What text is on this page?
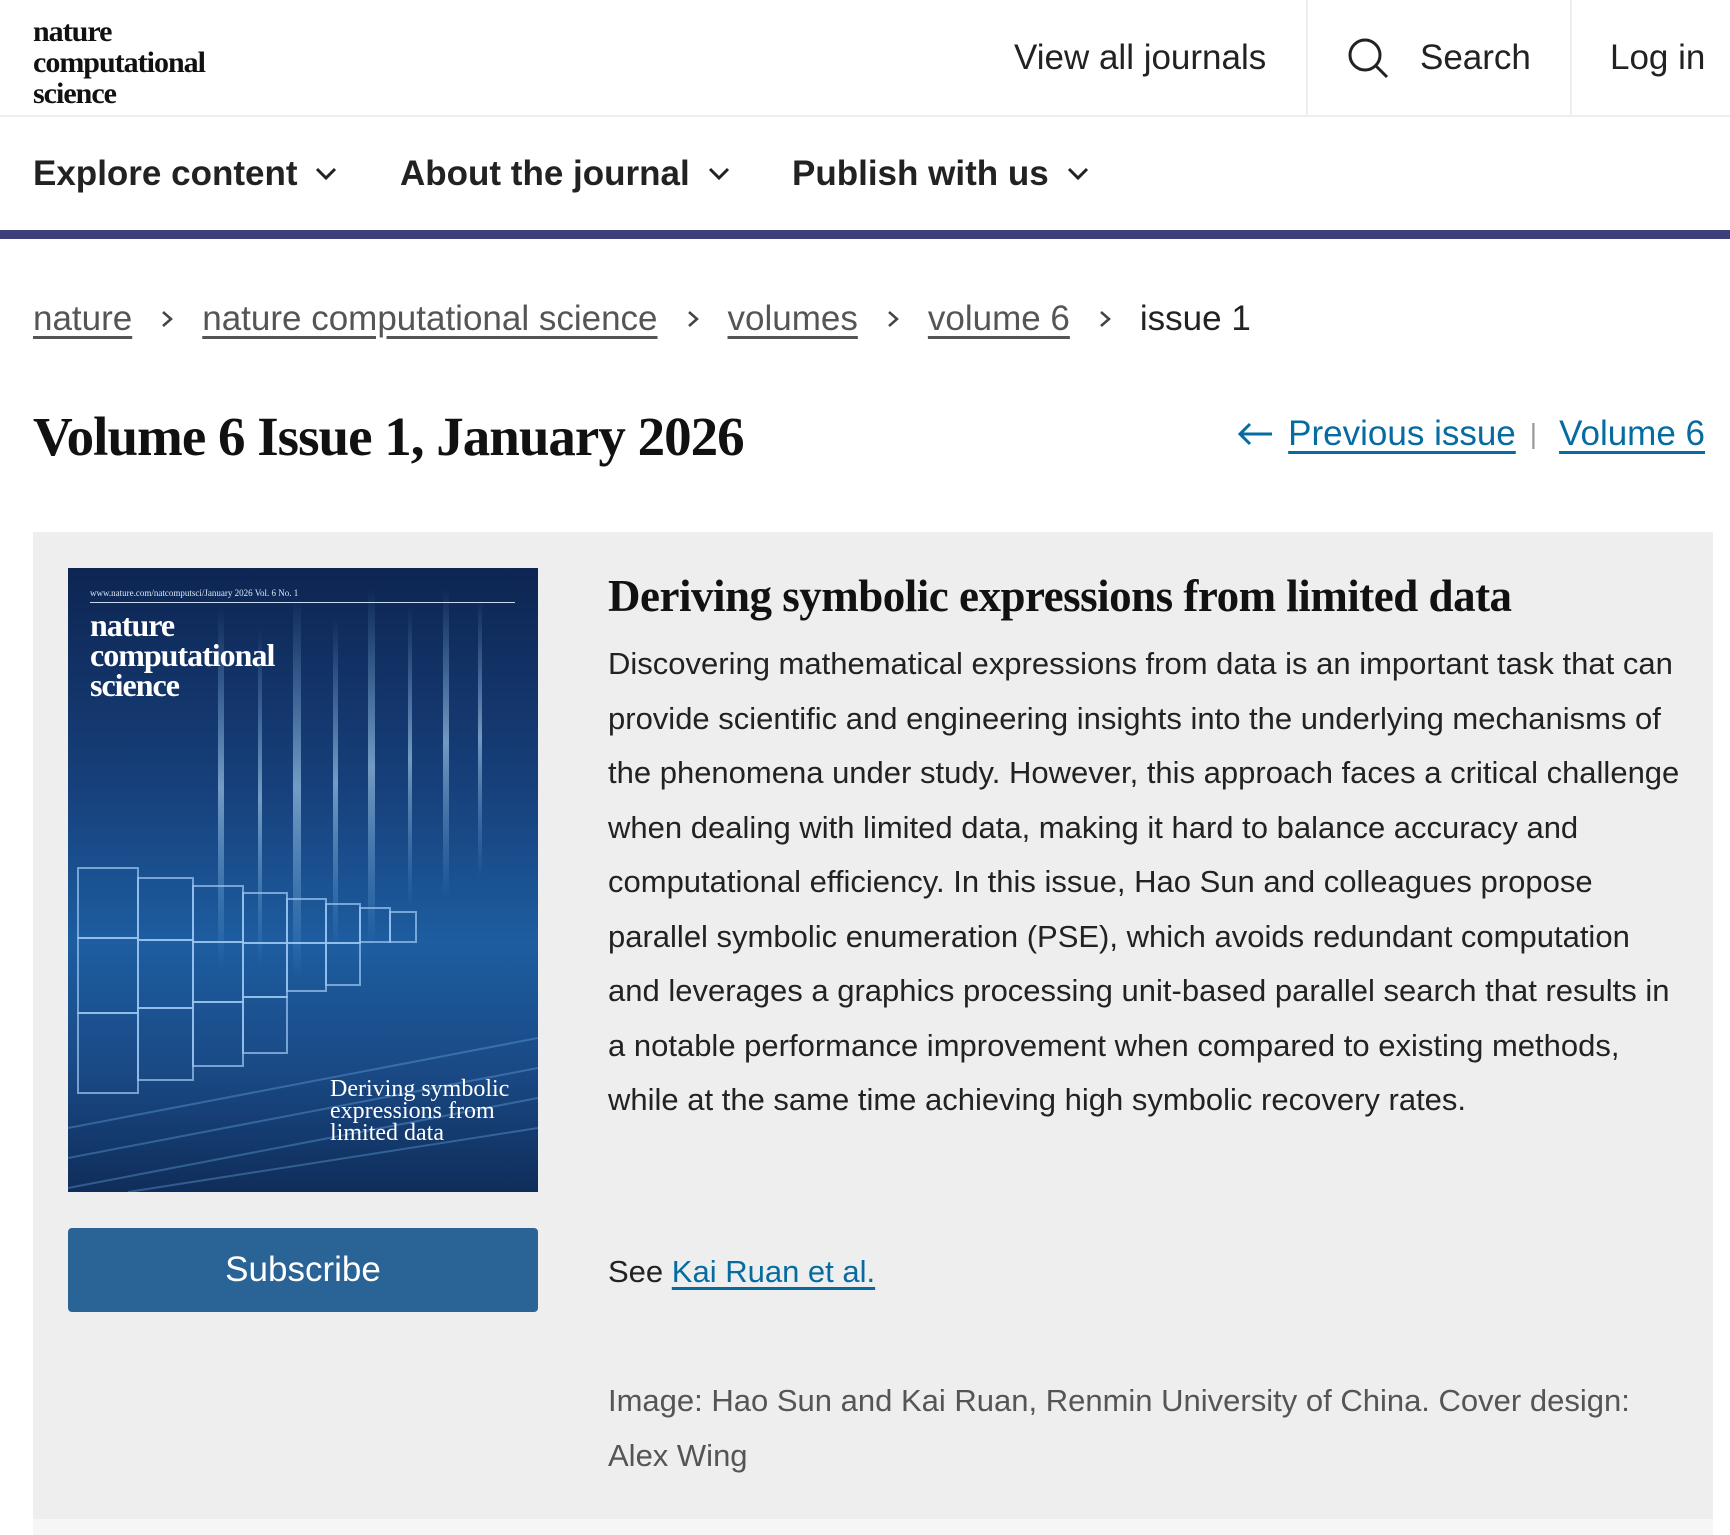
nature
computational
science
View all journals	Search	Log in
Explore content	About the journal	Publish with us
nature nature computational science volumes volume 6 issue 1
Volume 6 Issue 1, January 2026	Previous issue | Volume 6
www.nature.com/natcomputsci/January 2026 Vol. 6 No. 1
nature
computational
science
Deriving symbolic
expressions from
limited data
Subscribe
Deriving symbolic expressions from limited data

Discovering mathematical expressions from data is an important task that can provide scientific and engineering insights into the underlying mechanisms of the phenomena under study. However, this approach faces a critical challenge when dealing with limited data, making it hard to balance accuracy and computational efficiency. In this issue, Hao Sun and colleagues propose parallel symbolic enumeration (PSE), which avoids redundant computation and leverages a graphics processing unit-based parallel search that results in a notable performance improvement when compared to existing methods, while at the same time achieving high symbolic recovery rates.

See Kai Ruan et al.

Image: Hao Sun and Kai Ruan, Renmin University of China. Cover design: Alex Wing
